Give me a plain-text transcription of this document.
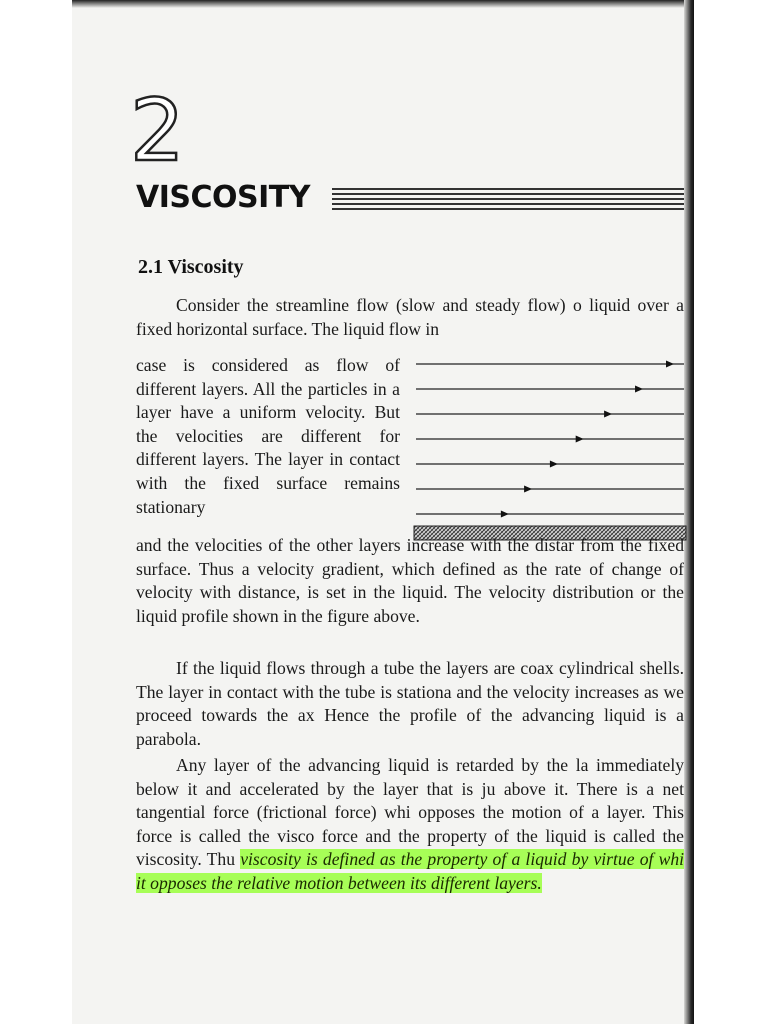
2
VISCOSITY
2.1 Viscosity

Consider the streamline flow (slow and steady flow) o liquid over a fixed horizontal surface. The liquid flow in

case is considered as flow of different layers. All the particles in a layer have a uniform velocity. But the velocities are different for different layers. The layer in contact with the fixed surface remains stationary

and the velocities of the other layers increase with the distar from the fixed surface. Thus a velocity gradient, which defined as the rate of change of velocity with distance, is set in the liquid. The velocity distribution or the liquid profile shown in the figure above.

If the liquid flows through a tube the layers are coax cylindrical shells. The layer in contact with the tube is stationa and the velocity increases as we proceed towards the ax Hence the profile of the advancing liquid is a parabola.

Any layer of the advancing liquid is retarded by the la immediately below it and accelerated by the layer that is ju above it. There is a net tangential force (frictional force) whi opposes the motion of a layer. This force is called the visco force and the property of the liquid is called the viscosity. Thu viscosity is defined as the property of a liquid by virtue of whi it opposes the relative motion between its different layers.
